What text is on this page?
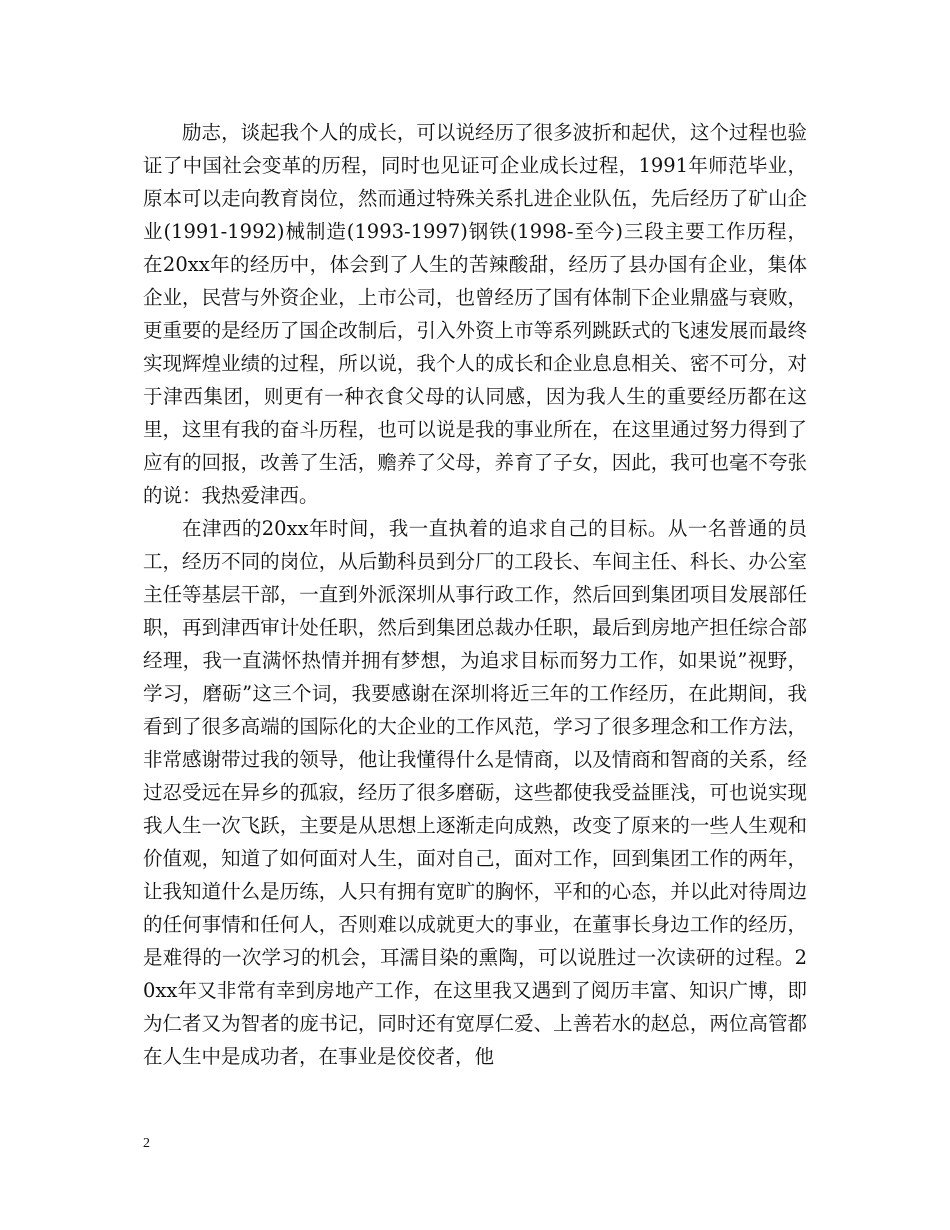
励志，谈起我个人的成长，可以说经历了很多波折和起伏，这个过程也验证了中国社会变革的历程，同时也见证可企业成长过程，1991年师范毕业，原本可以走向教育岗位，然而通过特殊关系扎进企业队伍，先后经历了矿山企业(1991-1992)械制造(1993-1997)钢铁(1998-至今)三段主要工作历程，在20xx年的经历中，体会到了人生的苦辣酸甜，经历了县办国有企业，集体企业，民营与外资企业，上市公司，也曾经历了国有体制下企业鼎盛与衰败，更重要的是经历了国企改制后，引入外资上市等系列跳跃式的飞速发展而最终实现辉煌业绩的过程，所以说，我个人的成长和企业息息相关、密不可分，对于津西集团，则更有一种衣食父母的认同感，因为我人生的重要经历都在这里，这里有我的奋斗历程，也可以说是我的事业所在，在这里通过努力得到了应有的回报，改善了生活，赡养了父母，养育了子女，因此，我可也毫不夸张的说：我热爱津西。

在津西的20xx年时间，我一直执着的追求自己的目标。从一名普通的员工，经历不同的岗位，从后勤科员到分厂的工段长、车间主任、科长、办公室主任等基层干部，一直到外派深圳从事行政工作，然后回到集团项目发展部任职，再到津西审计处任职，然后到集团总裁办任职，最后到房地产担任综合部经理，我一直满怀热情并拥有梦想，为追求目标而努力工作，如果说”视野，学习，磨砺”这三个词，我要感谢在深圳将近三年的工作经历，在此期间，我看到了很多高端的国际化的大企业的工作风范，学习了很多理念和工作方法，非常感谢带过我的领导，他让我懂得什么是情商，以及情商和智商的关系，经过忍受远在异乡的孤寂，经历了很多磨砺，这些都使我受益匪浅，可也说实现我人生一次飞跃，主要是从思想上逐渐走向成熟，改变了原来的一些人生观和价值观，知道了如何面对人生，面对自己，面对工作，回到集团工作的两年，让我知道什么是历练，人只有拥有宽旷的胸怀，平和的心态，并以此对待周边的任何事情和任何人，否则难以成就更大的事业，在董事长身边工作的经历，是难得的一次学习的机会，耳濡目染的熏陶，可以说胜过一次读研的过程。20xx年又非常有幸到房地产工作，在这里我又遇到了阅历丰富、知识广博，即为仁者又为智者的庞书记，同时还有宽厚仁爱、上善若水的赵总，两位高管都在人生中是成功者，在事业是佼佼者，他

2
